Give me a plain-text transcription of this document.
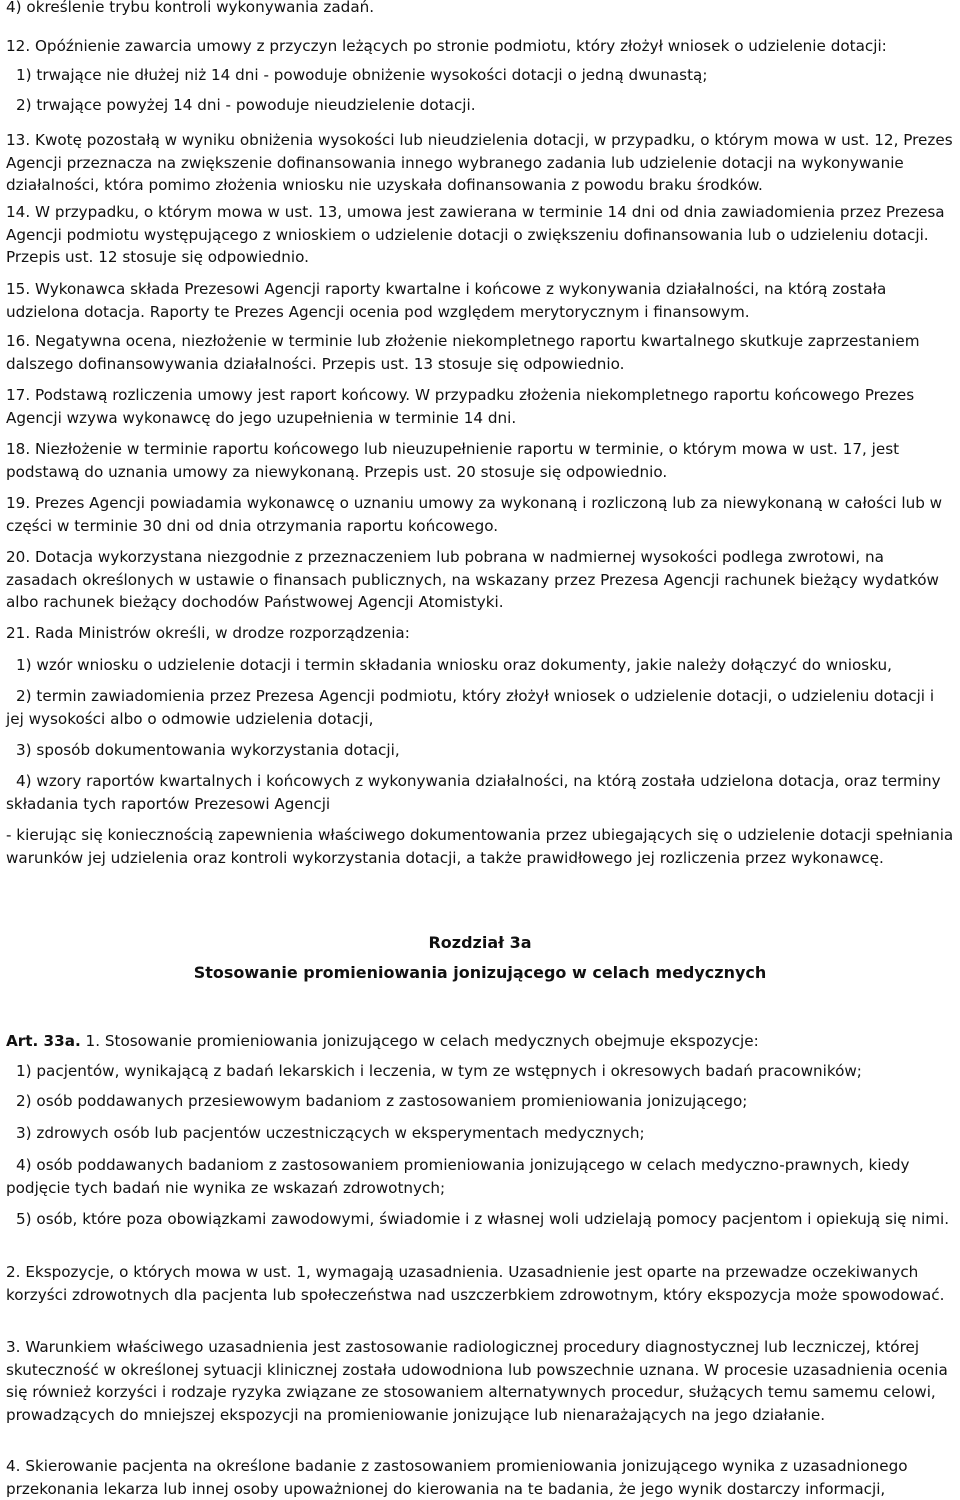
4) określenie trybu kontroli wykonywania zadań.

12. Opóźnienie zawarcia umowy z przyczyn leżących po stronie podmiotu, który złożył wniosek o udzielenie dotacji:

1) trwające nie dłużej niż 14 dni - powoduje obniżenie wysokości dotacji o jedną dwunastą;

2) trwające powyżej 14 dni - powoduje nieudzielenie dotacji.

13. Kwotę pozostałą w wyniku obniżenia wysokości lub nieudzielenia dotacji, w przypadku, o którym mowa w ust. 12, Prezes Agencji przeznacza na zwiększenie dofinansowania innego wybranego zadania lub udzielenie dotacji na wykonywanie działalności, która pomimo złożenia wniosku nie uzyskała dofinansowania z powodu braku środków.

14. W przypadku, o którym mowa w ust. 13, umowa jest zawierana w terminie 14 dni od dnia zawiadomienia przez Prezesa Agencji podmiotu występującego z wnioskiem o udzielenie dotacji o zwiększeniu dofinansowania lub o udzieleniu dotacji. Przepis ust. 12 stosuje się odpowiednio.

15. Wykonawca składa Prezesowi Agencji raporty kwartalne i końcowe z wykonywania działalności, na którą została udzielona dotacja. Raporty te Prezes Agencji ocenia pod względem merytorycznym i finansowym.

16. Negatywna ocena, niezłożenie w terminie lub złożenie niekompletnego raportu kwartalnego skutkuje zaprzestaniem dalszego dofinansowywania działalności. Przepis ust. 13 stosuje się odpowiednio.

17. Podstawą rozliczenia umowy jest raport końcowy. W przypadku złożenia niekompletnego raportu końcowego Prezes Agencji wzywa wykonawcę do jego uzupełnienia w terminie 14 dni.

18. Niezłożenie w terminie raportu końcowego lub nieuzupełnienie raportu w terminie, o którym mowa w ust. 17, jest podstawą do uznania umowy za niewykonaną. Przepis ust. 20 stosuje się odpowiednio.

19. Prezes Agencji powiadamia wykonawcę o uznaniu umowy za wykonaną i rozliczoną lub za niewykonaną w całości lub w części w terminie 30 dni od dnia otrzymania raportu końcowego.

20. Dotacja wykorzystana niezgodnie z przeznaczeniem lub pobrana w nadmiernej wysokości podlega zwrotowi, na zasadach określonych w ustawie o finansach publicznych, na wskazany przez Prezesa Agencji rachunek bieżący wydatków albo rachunek bieżący dochodów Państwowej Agencji Atomistyki.

21. Rada Ministrów określi, w drodze rozporządzenia:

1) wzór wniosku o udzielenie dotacji i termin składania wniosku oraz dokumenty, jakie należy dołączyć do wniosku,

2) termin zawiadomienia przez Prezesa Agencji podmiotu, który złożył wniosek o udzielenie dotacji, o udzieleniu dotacji i jej wysokości albo o odmowie udzielenia dotacji,

3) sposób dokumentowania wykorzystania dotacji,

4) wzory raportów kwartalnych i końcowych z wykonywania działalności, na którą została udzielona dotacja, oraz terminy składania tych raportów Prezesowi Agencji

- kierując się koniecznością zapewnienia właściwego dokumentowania przez ubiegających się o udzielenie dotacji spełniania warunków jej udzielenia oraz kontroli wykorzystania dotacji, a także prawidłowego jej rozliczenia przez wykonawcę.

Rozdział 3a

Stosowanie promieniowania jonizującego w celach medycznych

Art. 33a. 1. Stosowanie promieniowania jonizującego w celach medycznych obejmuje ekspozycje:

1) pacjentów, wynikającą z badań lekarskich i leczenia, w tym ze wstępnych i okresowych badań pracowników;

2) osób poddawanych przesiewowym badaniom z zastosowaniem promieniowania jonizującego;

3) zdrowych osób lub pacjentów uczestniczących w eksperymentach medycznych;

4) osób poddawanych badaniom z zastosowaniem promieniowania jonizującego w celach medyczno-prawnych, kiedy podjęcie tych badań nie wynika ze wskazań zdrowotnych;

5) osób, które poza obowiązkami zawodowymi, świadomie i z własnej woli udzielają pomocy pacjentom i opiekują się nimi.

2. Ekspozycje, o których mowa w ust. 1, wymagają uzasadnienia. Uzasadnienie jest oparte na przewadze oczekiwanych korzyści zdrowotnych dla pacjenta lub społeczeństwa nad uszczerbkiem zdrowotnym, który ekspozycja może spowodować.

3. Warunkiem właściwego uzasadnienia jest zastosowanie radiologicznej procedury diagnostycznej lub leczniczej, której skuteczność w określonej sytuacji klinicznej została udowodniona lub powszechnie uznana. W procesie uzasadnienia ocenia się również korzyści i rodzaje ryzyka związane ze stosowaniem alternatywnych procedur, służących temu samemu celowi, prowadzących do mniejszej ekspozycji na promieniowanie jonizujące lub nienarażających na jego działanie.

4. Skierowanie pacjenta na określone badanie z zastosowaniem promieniowania jonizującego wynika z uzasadnionego przekonania lekarza lub innej osoby upoważnionej do kierowania na te badania, że jego wynik dostarczy informacji,
